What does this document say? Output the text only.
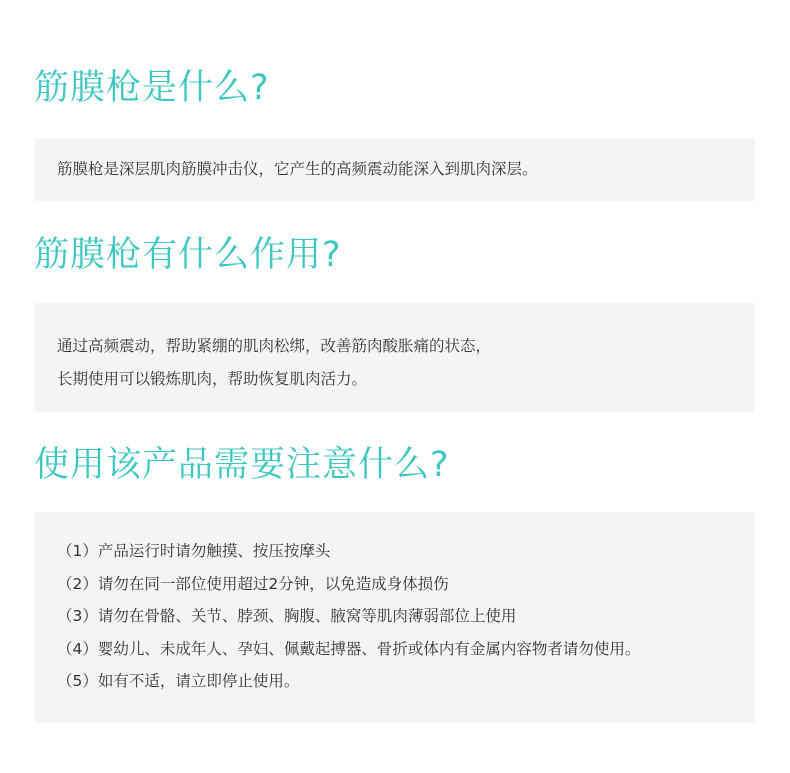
筋膜枪是什么?

筋膜枪是深层肌肉筋膜冲击仪，它产生的高频震动能深入到肌肉深层。

筋膜枪有什么作用?

通过高频震动，帮助紧绷的肌肉松绑，改善筋肉酸胀痛的状态，

长期使用可以锻炼肌肉，帮助恢复肌肉活力。

使用该产品需要注意什么?

（1）产品运行时请勿触摸、按压按摩头

（2）请勿在同一部位使用超过2分钟，以免造成身体损伤

（3）请勿在骨骼、关节、脖颈、胸腹、腋窝等肌肉薄弱部位上使用

（4）婴幼儿、未成年人、孕妇、佩戴起搏器、骨折或体内有金属内容物者请勿使用。

（5）如有不适，请立即停止使用。
